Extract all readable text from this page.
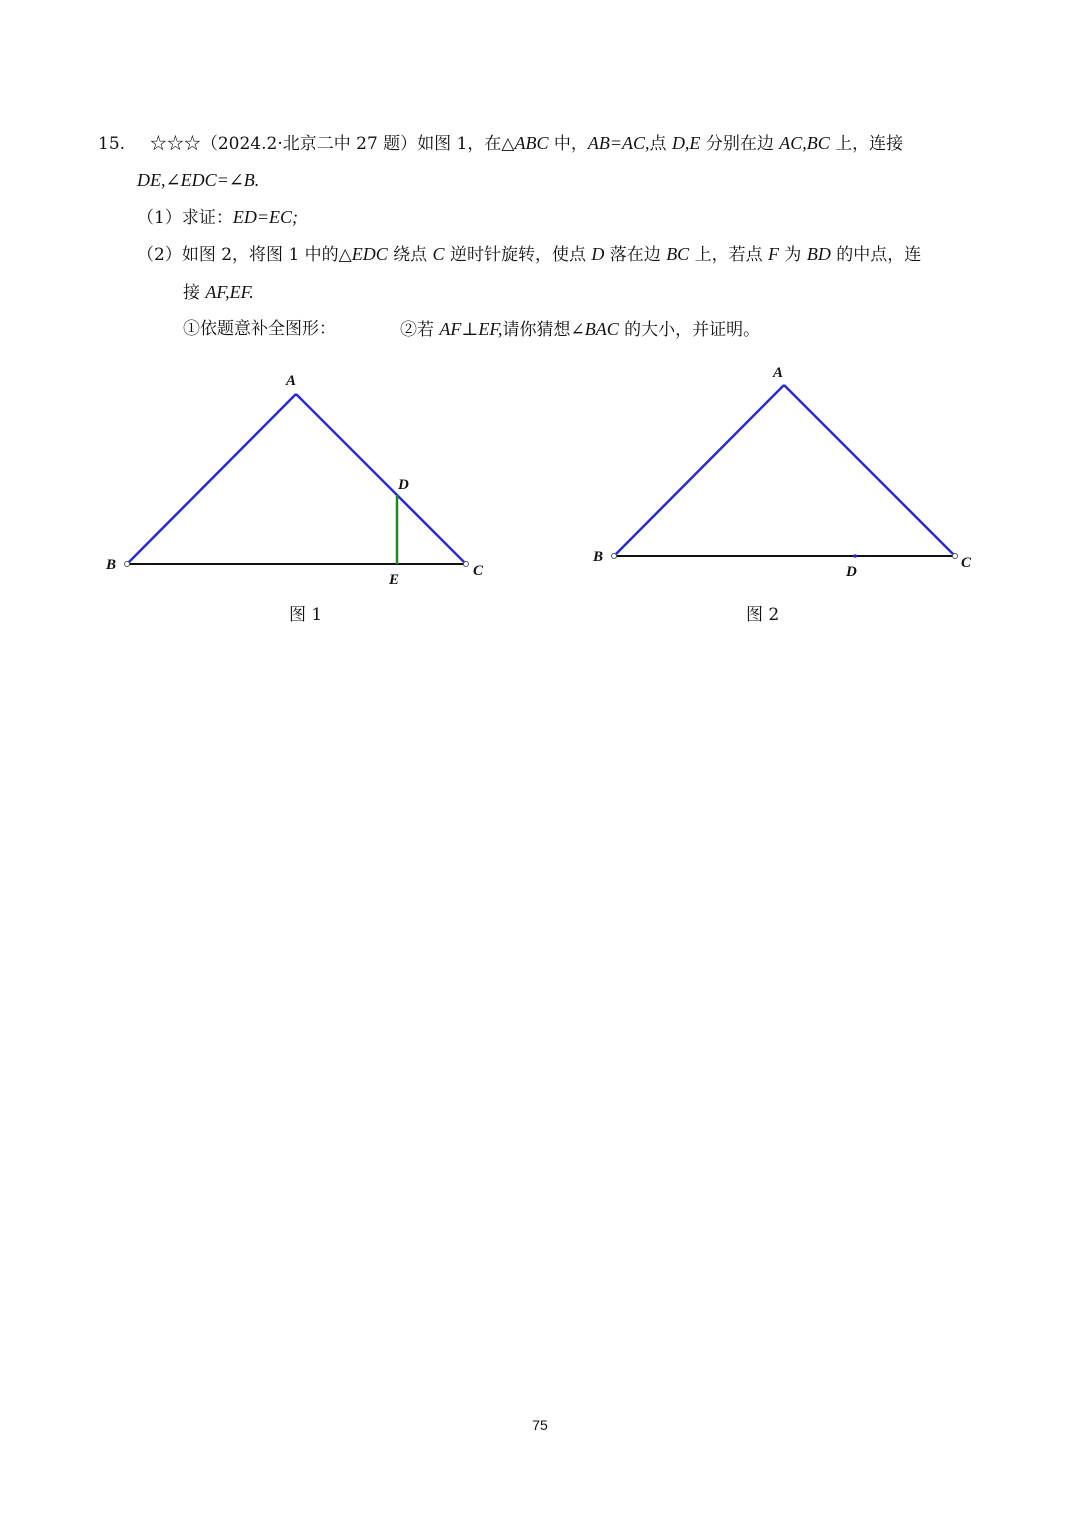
15. ☆☆☆（2024.2·北京二中 27 题）如图 1，在△ABC 中，AB=AC,点 D,E 分别在边 AC,BC 上，连接
DE,∠EDC=∠B.
（1）求证：ED=EC;
（2）如图 2，将图 1 中的△EDC 绕点 C 逆时针旋转，使点 D 落在边 BC 上，若点 F 为 BD 的中点，连
接 AF,EF.
①依题意补全图形：	②若 AF⊥EF,请你猜想∠BAC 的大小，并证明。
A
B	C
D
E
A
B	C
D
图 1	图 2
75
